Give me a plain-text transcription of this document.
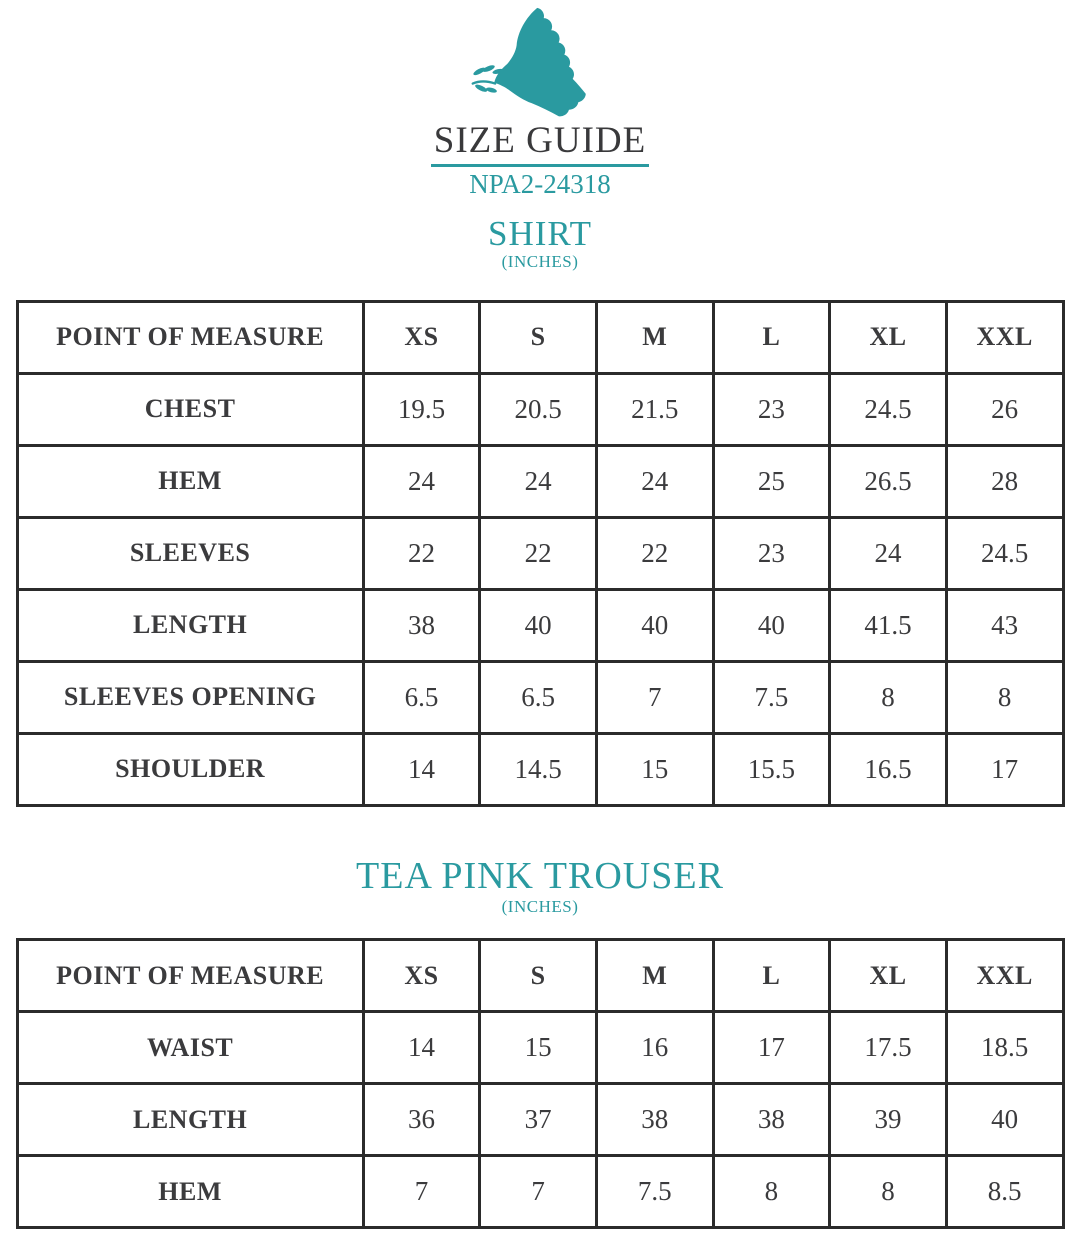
SIZE GUIDE
NPA2-24318
SHIRT
(INCHES)
POINT OF MEASURE	XS	S	M	L	XL	XXL
CHEST	19.5	20.5	21.5	23	24.5	26
HEM	24	24	24	25	26.5	28
SLEEVES	22	22	22	23	24	24.5
LENGTH	38	40	40	40	41.5	43
SLEEVES OPENING	6.5	6.5	7	7.5	8	8
SHOULDER	14	14.5	15	15.5	16.5	17
TEA PINK TROUSER
(INCHES)
POINT OF MEASURE	XS	S	M	L	XL	XXL
WAIST	14	15	16	17	17.5	18.5
LENGTH	36	37	38	38	39	40
HEM	7	7	7.5	8	8	8.5
